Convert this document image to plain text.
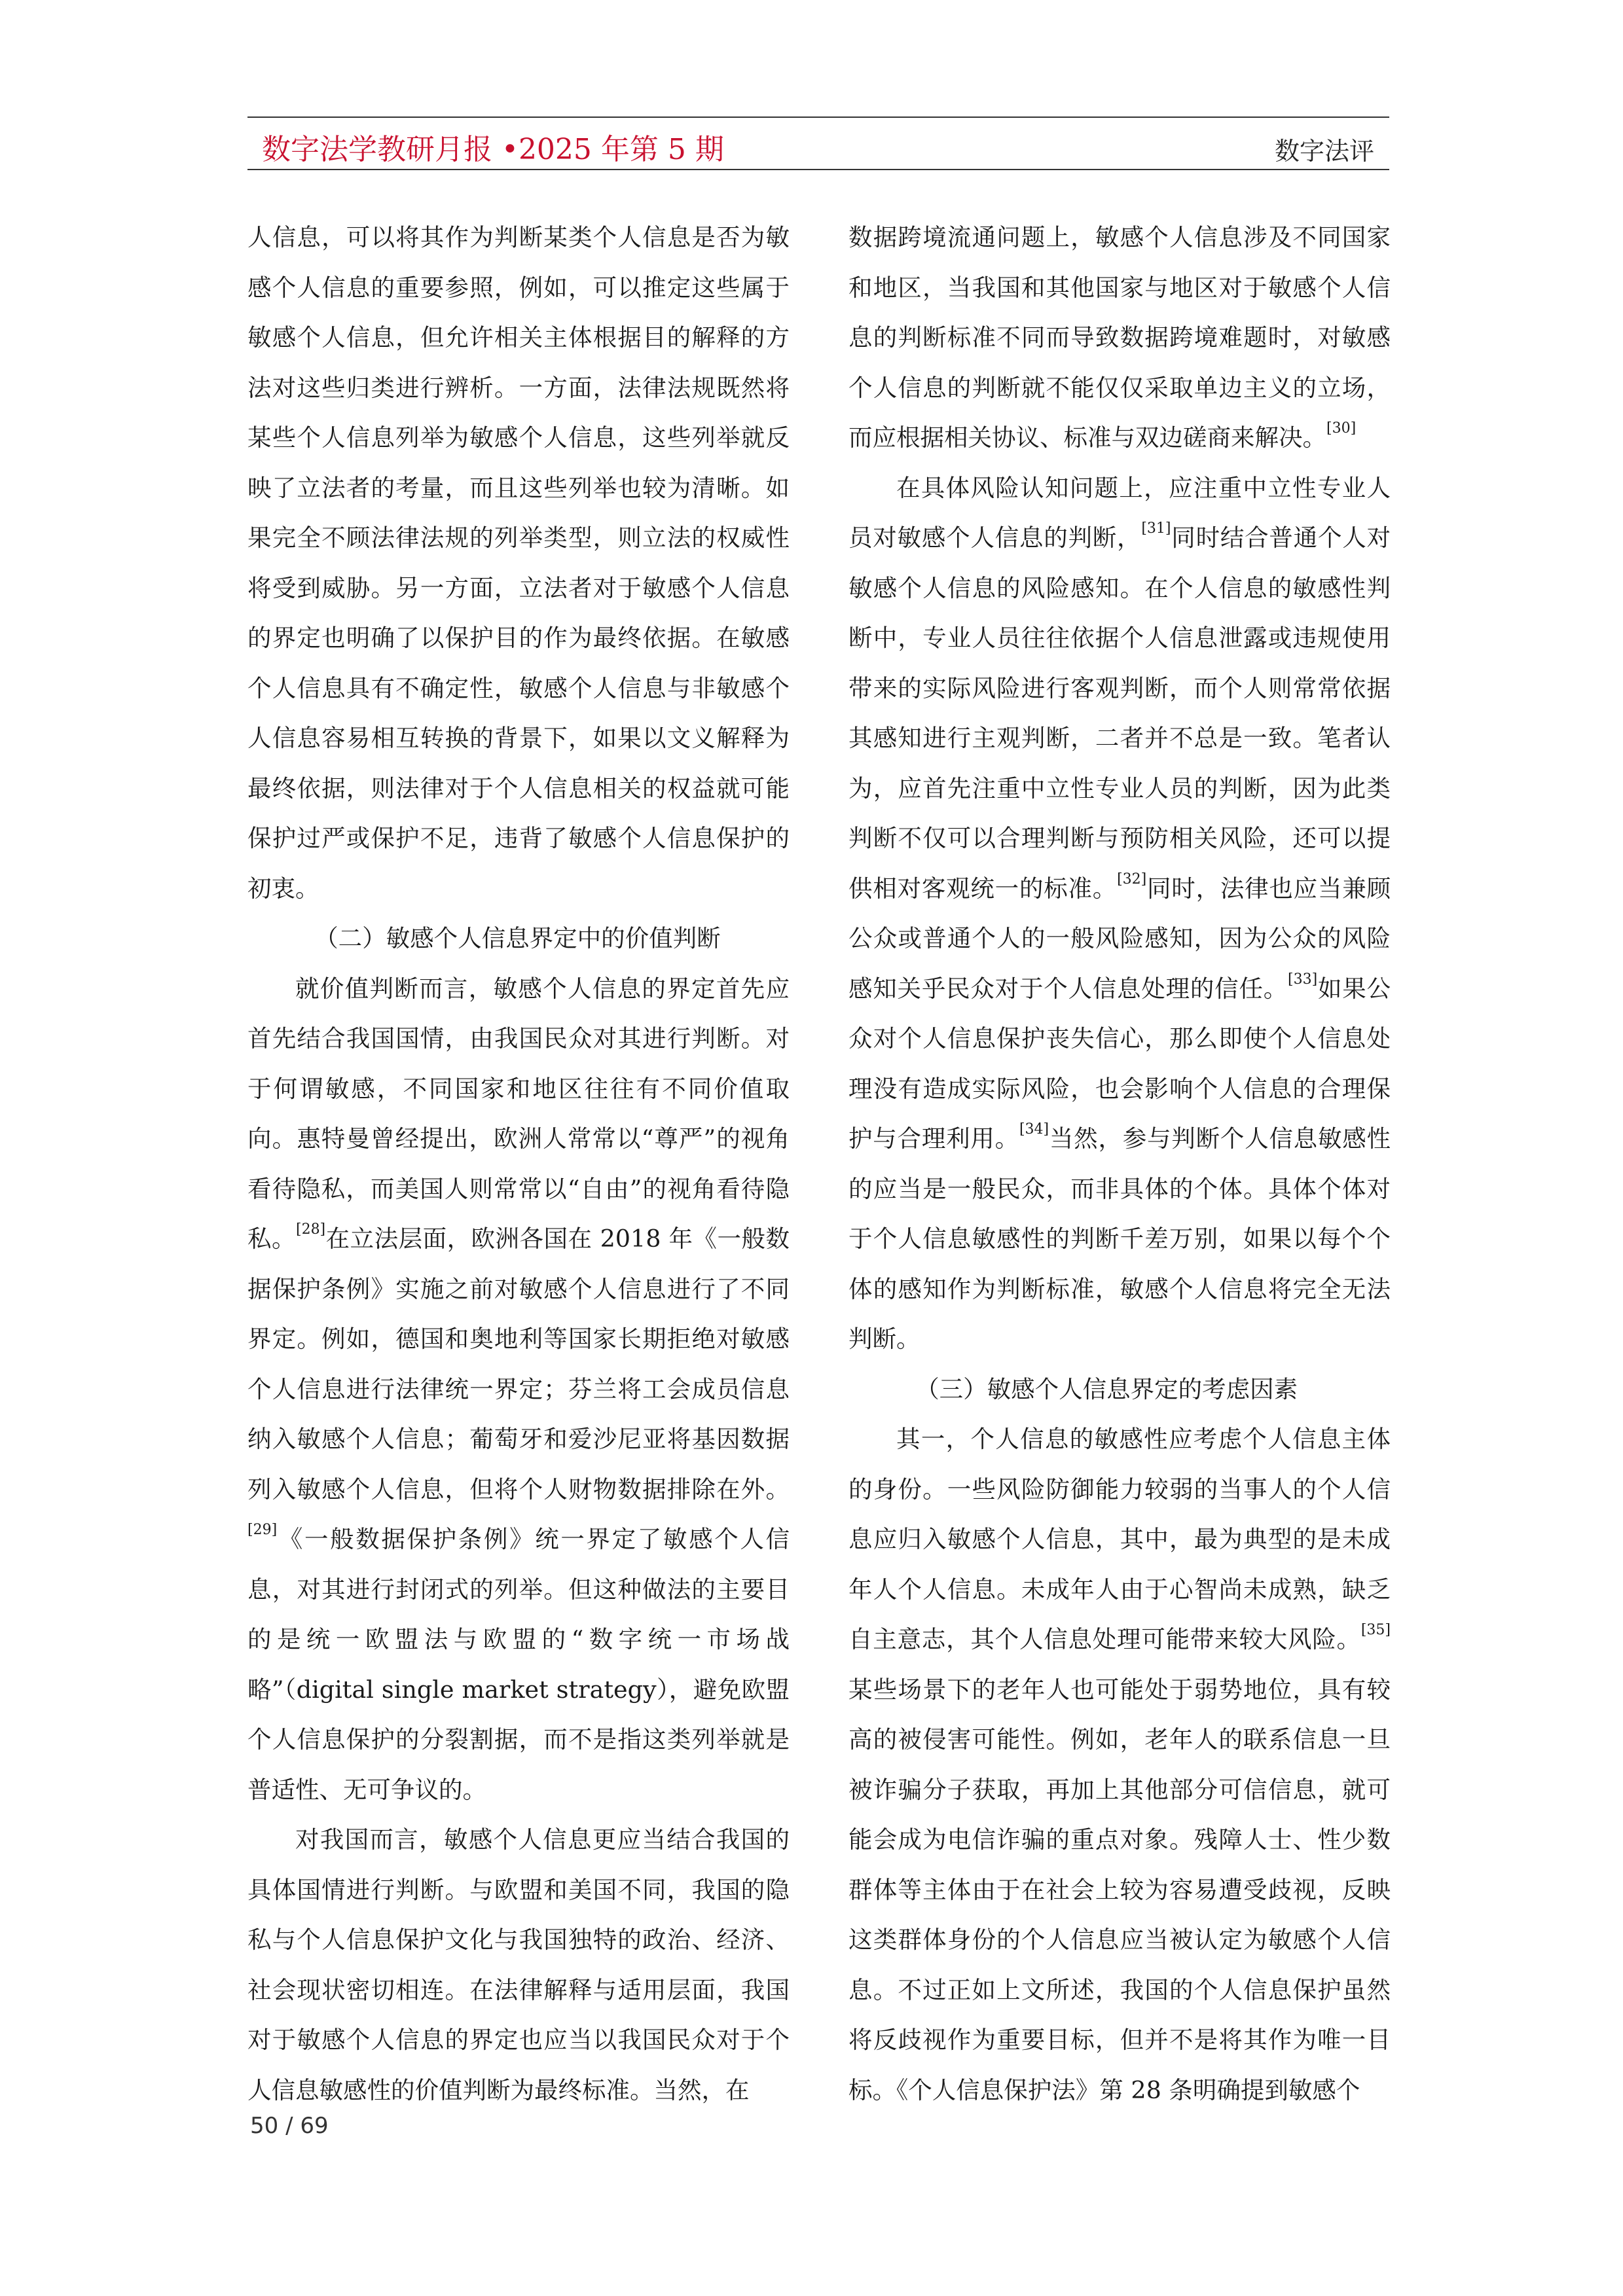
数字法学教研月报 •2025 年第 5 期	数字法评

人信息，可以将其作为判断某类个人信息是否为敏感个人信息的重要参照，例如，可以推定这些属于敏感个人信息，但允许相关主体根据目的解释的方法对这些归类进行辨析。一方面，法律法规既然将某些个人信息列举为敏感个人信息，这些列举就反映了立法者的考量，而且这些列举也较为清晰。如果完全不顾法律法规的列举类型，则立法的权威性将受到威胁。另一方面，立法者对于敏感个人信息的界定也明确了以保护目的作为最终依据。在敏感个人信息具有不确定性，敏感个人信息与非敏感个人信息容易相互转换的背景下，如果以文义解释为最终依据，则法律对于个人信息相关的权益就可能保护过严或保护不足，违背了敏感个人信息保护的初衷。

（二）敏感个人信息界定中的价值判断

就价值判断而言，敏感个人信息的界定首先应首先结合我国国情，由我国民众对其进行判断。对于何谓敏感，不同国家和地区往往有不同价值取向。惠特曼曾经提出，欧洲人常常以“尊严”的视角看待隐私，而美国人则常常以“自由”的视角看待隐私。[28]在立法层面，欧洲各国在 2018 年《一般数据保护条例》实施之前对敏感个人信息进行了不同界定。例如，德国和奥地利等国家长期拒绝对敏感个人信息进行法律统一界定；芬兰将工会成员信息纳入敏感个人信息；葡萄牙和爱沙尼亚将基因数据列入敏感个人信息，但将个人财物数据排除在外。[29]《一般数据保护条例》统一界定了敏感个人信息，对其进行封闭式的列举。但这种做法的主要目的是统一欧盟法与欧盟的“数字统一市场战略”（digital single market strategy），避免欧盟个人信息保护的分裂割据，而不是指这类列举就是普适性、无可争议的。

对我国而言，敏感个人信息更应当结合我国的具体国情进行判断。与欧盟和美国不同，我国的隐私与个人信息保护文化与我国独特的政治、经济、社会现状密切相连。在法律解释与适用层面，我国对于敏感个人信息的界定也应当以我国民众对于个人信息敏感性的价值判断为最终标准。当然，在

数据跨境流通问题上，敏感个人信息涉及不同国家和地区，当我国和其他国家与地区对于敏感个人信息的判断标准不同而导致数据跨境难题时，对敏感个人信息的判断就不能仅仅采取单边主义的立场，而应根据相关协议、标准与双边磋商来解决。[30]

在具体风险认知问题上，应注重中立性专业人员对敏感个人信息的判断，[31]同时结合普通个人对敏感个人信息的风险感知。在个人信息的敏感性判断中，专业人员往往依据个人信息泄露或违规使用带来的实际风险进行客观判断，而个人则常常依据其感知进行主观判断，二者并不总是一致。笔者认为，应首先注重中立性专业人员的判断，因为此类判断不仅可以合理判断与预防相关风险，还可以提供相对客观统一的标准。[32]同时，法律也应当兼顾公众或普通个人的一般风险感知，因为公众的风险感知关乎民众对于个人信息处理的信任。[33]如果公众对个人信息保护丧失信心，那么即使个人信息处理没有造成实际风险，也会影响个人信息的合理保护与合理利用。[34]当然，参与判断个人信息敏感性的应当是一般民众，而非具体的个体。具体个体对于个人信息敏感性的判断千差万别，如果以每个个体的感知作为判断标准，敏感个人信息将完全无法判断。

（三）敏感个人信息界定的考虑因素

其一，个人信息的敏感性应考虑个人信息主体的身份。一些风险防御能力较弱的当事人的个人信息应归入敏感个人信息，其中，最为典型的是未成年人个人信息。未成年人由于心智尚未成熟，缺乏自主意志，其个人信息处理可能带来较大风险。[35]某些场景下的老年人也可能处于弱势地位，具有较高的被侵害可能性。例如，老年人的联系信息一旦被诈骗分子获取，再加上其他部分可信信息，就可能会成为电信诈骗的重点对象。残障人士、性少数群体等主体由于在社会上较为容易遭受歧视，反映这类群体身份的个人信息应当被认定为敏感个人信息。不过正如上文所述，我国的个人信息保护虽然将反歧视作为重要目标，但并不是将其作为唯一目标。《个人信息保护法》第 28 条明确提到敏感个

50 / 69
